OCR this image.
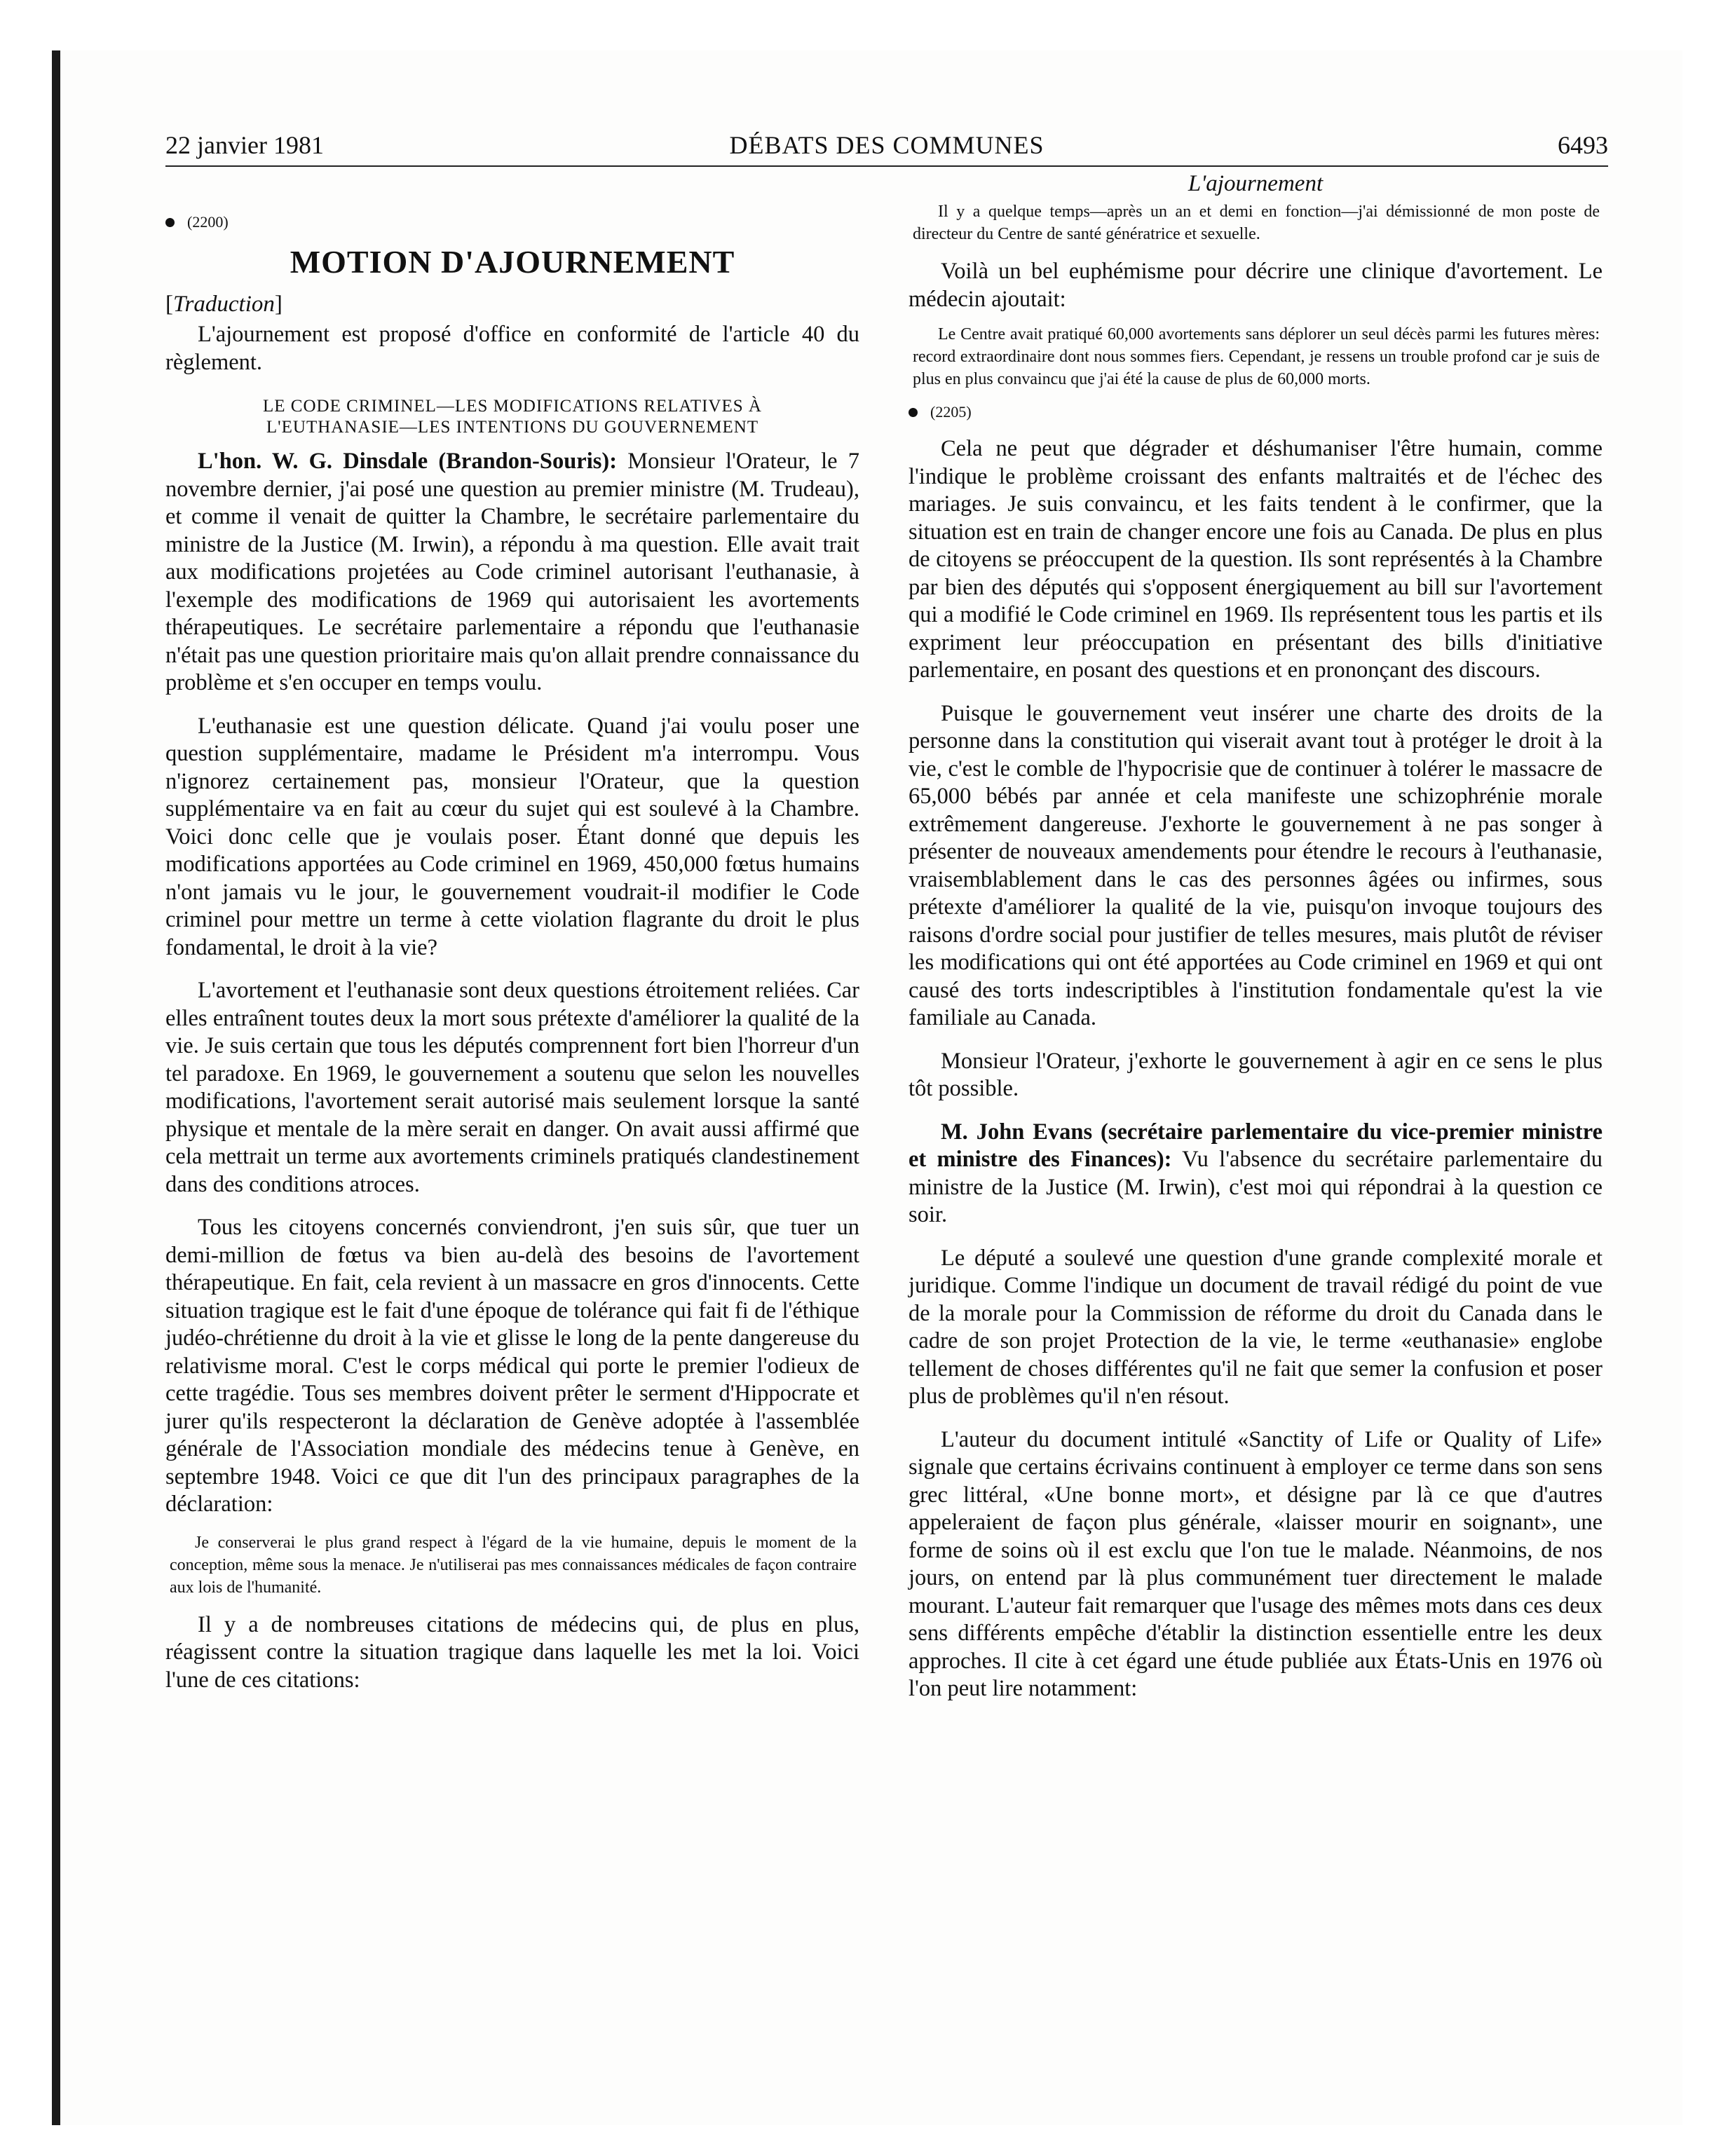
22 janvier 1981	DÉBATS DES COMMUNES	6493
(2200)
MOTION D'AJOURNEMENT
[Traduction]

L'ajournement est proposé d'office en conformité de l'article 40 du règlement.

LE CODE CRIMINEL—LES MODIFICATIONS RELATIVES À
L'EUTHANASIE—LES INTENTIONS DU GOUVERNEMENT

L'hon. W. G. Dinsdale (Brandon-Souris): Monsieur l'Orateur, le 7 novembre dernier, j'ai posé une question au premier ministre (M. Trudeau), et comme il venait de quitter la Chambre, le secrétaire parlementaire du ministre de la Justice (M. Irwin), a répondu à ma question. Elle avait trait aux modifications projetées au Code criminel autorisant l'euthanasie, à l'exemple des modifications de 1969 qui autorisaient les avortements thérapeutiques. Le secrétaire parlementaire a répondu que l'euthanasie n'était pas une question prioritaire mais qu'on allait prendre connaissance du problème et s'en occuper en temps voulu.

L'euthanasie est une question délicate. Quand j'ai voulu poser une question supplémentaire, madame le Président m'a interrompu. Vous n'ignorez certainement pas, monsieur l'Orateur, que la question supplémentaire va en fait au cœur du sujet qui est soulevé à la Chambre. Voici donc celle que je voulais poser. Étant donné que depuis les modifications apportées au Code criminel en 1969, 450,000 fœtus humains n'ont jamais vu le jour, le gouvernement voudrait-il modifier le Code criminel pour mettre un terme à cette violation flagrante du droit le plus fondamental, le droit à la vie?

L'avortement et l'euthanasie sont deux questions étroitement reliées. Car elles entraînent toutes deux la mort sous prétexte d'améliorer la qualité de la vie. Je suis certain que tous les députés comprennent fort bien l'horreur d'un tel paradoxe. En 1969, le gouvernement a soutenu que selon les nouvelles modifications, l'avortement serait autorisé mais seulement lorsque la santé physique et mentale de la mère serait en danger. On avait aussi affirmé que cela mettrait un terme aux avortements criminels pratiqués clandestinement dans des conditions atroces.

Tous les citoyens concernés conviendront, j'en suis sûr, que tuer un demi-million de fœtus va bien au-delà des besoins de l'avortement thérapeutique. En fait, cela revient à un massacre en gros d'innocents. Cette situation tragique est le fait d'une époque de tolérance qui fait fi de l'éthique judéo-chrétienne du droit à la vie et glisse le long de la pente dangereuse du relativisme moral. C'est le corps médical qui porte le premier l'odieux de cette tragédie. Tous ses membres doivent prêter le serment d'Hippocrate et jurer qu'ils respecteront la déclaration de Genève adoptée à l'assemblée générale de l'Association mondiale des médecins tenue à Genève, en septembre 1948. Voici ce que dit l'un des principaux paragraphes de la déclaration:

Je conserverai le plus grand respect à l'égard de la vie humaine, depuis le moment de la conception, même sous la menace. Je n'utiliserai pas mes connaissances médicales de façon contraire aux lois de l'humanité.

Il y a de nombreuses citations de médecins qui, de plus en plus, réagissent contre la situation tragique dans laquelle les met la loi. Voici l'une de ces citations:

L'ajournement

Il y a quelque temps—après un an et demi en fonction—j'ai démissionné de mon poste de directeur du Centre de santé génératrice et sexuelle.

Voilà un bel euphémisme pour décrire une clinique d'avortement. Le médecin ajoutait:

Le Centre avait pratiqué 60,000 avortements sans déplorer un seul décès parmi les futures mères: record extraordinaire dont nous sommes fiers. Cependant, je ressens un trouble profond car je suis de plus en plus convaincu que j'ai été la cause de plus de 60,000 morts.

(2205)

Cela ne peut que dégrader et déshumaniser l'être humain, comme l'indique le problème croissant des enfants maltraités et de l'échec des mariages. Je suis convaincu, et les faits tendent à le confirmer, que la situation est en train de changer encore une fois au Canada. De plus en plus de citoyens se préoccupent de la question. Ils sont représentés à la Chambre par bien des députés qui s'opposent énergiquement au bill sur l'avortement qui a modifié le Code criminel en 1969. Ils représentent tous les partis et ils expriment leur préoccupation en présentant des bills d'initiative parlementaire, en posant des questions et en prononçant des discours.

Puisque le gouvernement veut insérer une charte des droits de la personne dans la constitution qui viserait avant tout à protéger le droit à la vie, c'est le comble de l'hypocrisie que de continuer à tolérer le massacre de 65,000 bébés par année et cela manifeste une schizophrénie morale extrêmement dangereuse. J'exhorte le gouvernement à ne pas songer à présenter de nouveaux amendements pour étendre le recours à l'euthanasie, vraisemblablement dans le cas des personnes âgées ou infirmes, sous prétexte d'améliorer la qualité de la vie, puisqu'on invoque toujours des raisons d'ordre social pour justifier de telles mesures, mais plutôt de réviser les modifications qui ont été apportées au Code criminel en 1969 et qui ont causé des torts indescriptibles à l'institution fondamentale qu'est la vie familiale au Canada.

Monsieur l'Orateur, j'exhorte le gouvernement à agir en ce sens le plus tôt possible.

M. John Evans (secrétaire parlementaire du vice-premier ministre et ministre des Finances): Vu l'absence du secrétaire parlementaire du ministre de la Justice (M. Irwin), c'est moi qui répondrai à la question ce soir.

Le député a soulevé une question d'une grande complexité morale et juridique. Comme l'indique un document de travail rédigé du point de vue de la morale pour la Commission de réforme du droit du Canada dans le cadre de son projet Protection de la vie, le terme «euthanasie» englobe tellement de choses différentes qu'il ne fait que semer la confusion et poser plus de problèmes qu'il n'en résout.

L'auteur du document intitulé «Sanctity of Life or Quality of Life» signale que certains écrivains continuent à employer ce terme dans son sens grec littéral, «Une bonne mort», et désigne par là ce que d'autres appeleraient de façon plus générale, «laisser mourir en soignant», une forme de soins où il est exclu que l'on tue le malade. Néanmoins, de nos jours, on entend par là plus communément tuer directement le malade mourant. L'auteur fait remarquer que l'usage des mêmes mots dans ces deux sens différents empêche d'établir la distinction essentielle entre les deux approches. Il cite à cet égard une étude publiée aux États-Unis en 1976 où l'on peut lire notamment:
